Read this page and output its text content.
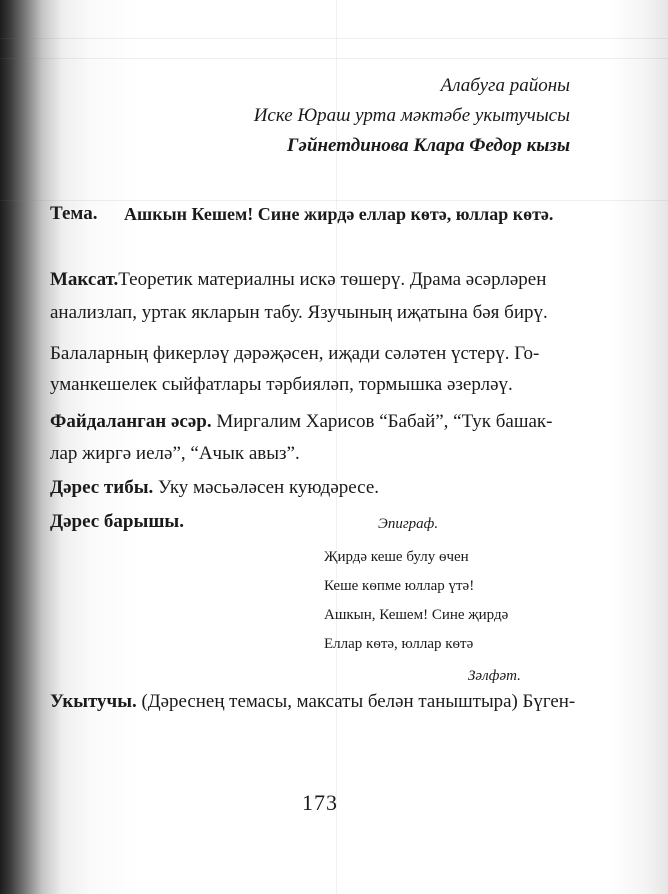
Алабуга районы
Иске Юраш урта мәктәбе укытучысы
Гәйнетдинова Клара Федор кызы
Тема. Ашкын Кешем! Сине жирдә еллар кѳтә, юллар кѳтә.
Максат.Теоретик материалны искә тѳшерү. Драма әсәрләрен
анализлап, уртак якларын табу. Язучының иҗатына бәя бирү.
Балаларның фикерләү дәрәҗәсен, иҗади сәләтен үстерү. Го-
уманкешелек сыйфатлары тәрбияләп, тормышка әзерләү.
Файдаланган әсәр. Миргалим Харисов “Бабай”, “Тук башак-
лар жиргә иелә”, “Ачык авыз”.
Дәрес тибы. Уку мәсьәләсен куюдәресе.
Дәрес барышы.	Эпиграф.
Җирдә кеше булу ѳчен
Кеше кѳпме юллар үтә!
Ашкын, Кешем! Сине җирдә
Еллар кѳтә, юллар кѳтә
Зәлфәт.
Укытучы. (Дәреснең темасы, максаты белән таныштыра) Бүген-
173
